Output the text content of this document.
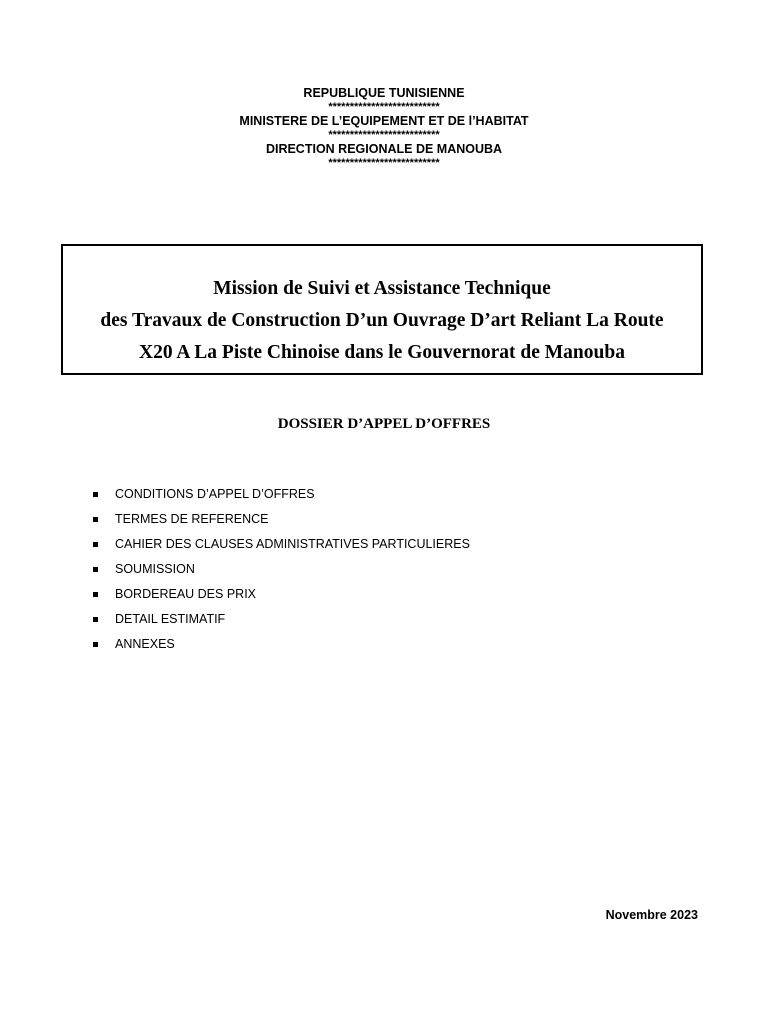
REPUBLIQUE TUNISIENNE
**************************
MINISTERE DE L’EQUIPEMENT ET DE l’HABITAT
**************************
DIRECTION REGIONALE DE MANOUBA
**************************
Mission de Suivi et Assistance Technique
des Travaux de Construction D’un Ouvrage D’art Reliant La Route
X20 A La Piste Chinoise dans le Gouvernorat de Manouba
DOSSIER D’APPEL D’OFFRES
CONDITIONS D’APPEL D’OFFRES
TERMES DE REFERENCE
CAHIER DES CLAUSES ADMINISTRATIVES PARTICULIERES
SOUMISSION
BORDEREAU DES PRIX
DETAIL ESTIMATIF
ANNEXES
Novembre 2023
